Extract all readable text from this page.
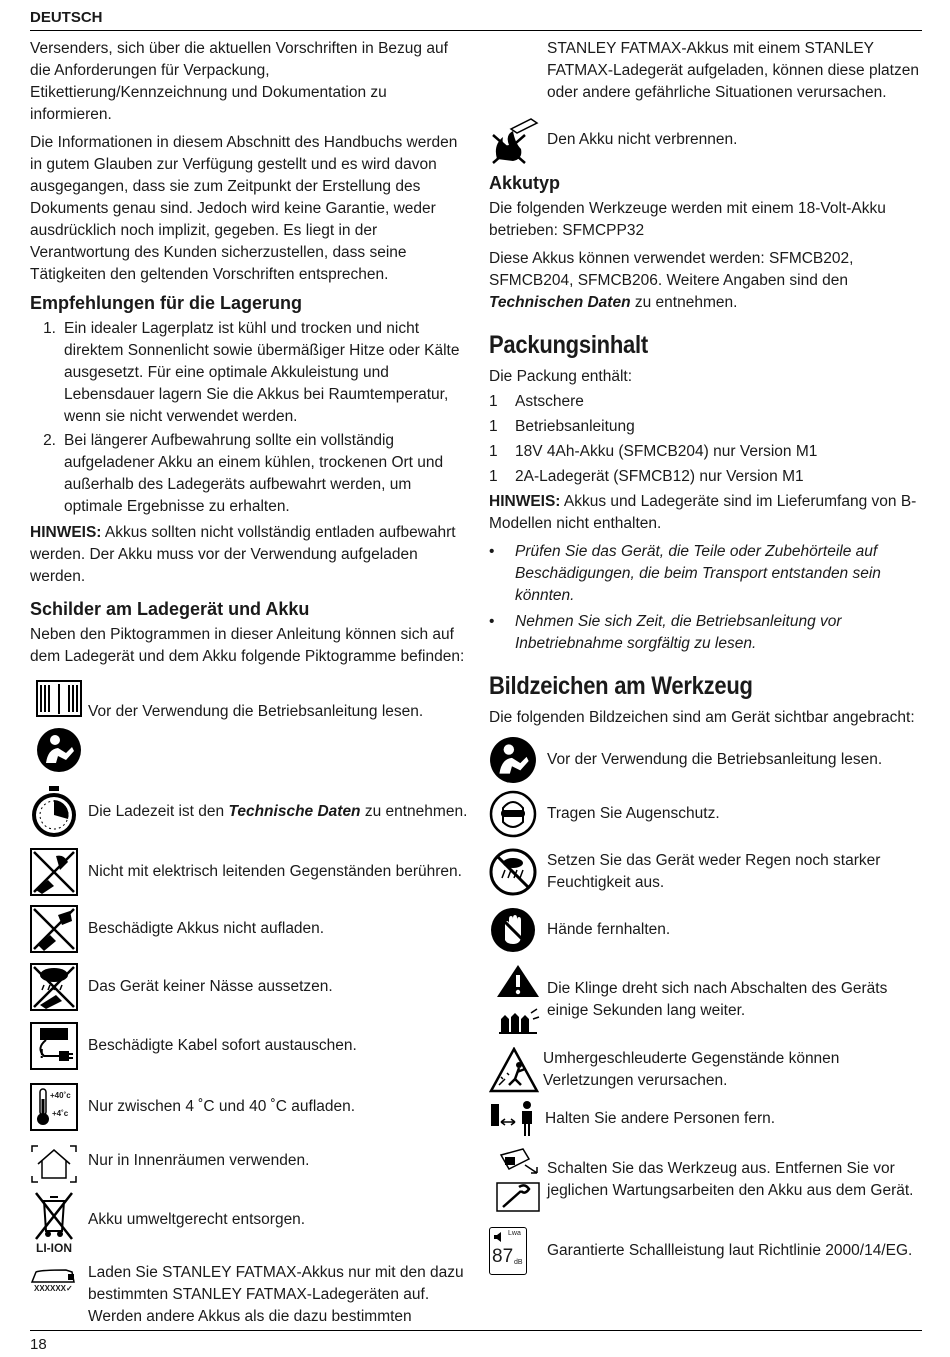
DEUTSCH

Versenders, sich über die aktuellen Vorschriften in Bezug auf die Anforderungen für Verpackung, Etikettierung/Kennzeichnung und Dokumentation zu informieren.

Die Informationen in diesem Abschnitt des Handbuchs werden in gutem Glauben zur Verfügung gestellt und es wird davon ausgegangen, dass sie zum Zeitpunkt der Erstellung des Dokuments genau sind. Jedoch wird keine Garantie, weder ausdrücklich noch implizit, gegeben. Es liegt in der Verantwortung des Kunden sicherzustellen, dass seine Tätigkeiten den geltenden Vorschriften entsprechen.

Empfehlungen für die Lagerung
1. Ein idealer Lagerplatz ist kühl und trocken und nicht direktem Sonnenlicht sowie übermäßiger Hitze oder Kälte ausgesetzt. Für eine optimale Akkuleistung und Lebensdauer lagern Sie die Akkus bei Raumtemperatur, wenn sie nicht verwendet werden.
2. Bei längerer Aufbewahrung sollte ein vollständig aufgeladener Akku an einem kühlen, trockenen Ort und außerhalb des Ladegeräts aufbewahrt werden, um optimale Ergebnisse zu erhalten.

HINWEIS: Akkus sollten nicht vollständig entladen aufbewahrt werden. Der Akku muss vor der Verwendung aufgeladen werden.

Schilder am Ladegerät und Akku

Neben den Piktogrammen in dieser Anleitung können sich auf dem Ladegerät und dem Akku folgende Piktogramme befinden:

Vor der Verwendung die Betriebsanleitung lesen.
Die Ladezeit ist den Technische Daten zu entnehmen.
Nicht mit elektrisch leitenden Gegenständen berühren.
Beschädigte Akkus nicht aufladen.
Das Gerät keiner Nässe aussetzen.
!	Beschädigte Kabel sofort austauschen.
+40˚c
+4˚c Nur zwischen 4 ˚C und 40 ˚C aufladen.
Nur in Innenräumen verwenden.
LI-ION
Akku umweltgerecht entsorgen.
XXXXXX✓
Laden Sie STANLEY FATMAX-Akkus nur mit den dazu bestimmten STANLEY FATMAX-Ladegeräten auf. Werden andere Akkus als die dazu bestimmten

STANLEY FATMAX-Akkus mit einem STANLEY FATMAX-Ladegerät aufgeladen, können diese platzen oder andere gefährliche Situationen verursachen.

Den Akku nicht verbrennen.
Akkutyp

Die folgenden Werkzeuge werden mit einem 18-Volt-Akku betrieben: SFMCPP32

Diese Akkus können verwendet werden: SFMCB202, SFMCB204, SFMCB206. Weitere Angaben sind den Technischen Daten zu entnehmen.

Packungsinhalt

Die Packung enthält:

1	Astschere
1	Betriebsanleitung
1	18V 4Ah-Akku (SFMCB204) nur Version M1
1	2A-Ladegerät (SFMCB12) nur Version M1

HINWEIS: Akkus und Ladegeräte sind im Lieferumfang von B-Modellen nicht enthalten.

•	Prüfen Sie das Gerät, die Teile oder Zubehörteile auf Beschädigungen, die beim Transport entstanden sein könnten.
•	Nehmen Sie sich Zeit, die Betriebsanleitung vor Inbetriebnahme sorgfältig zu lesen.
Bildzeichen am Werkzeug

Die folgenden Bildzeichen sind am Gerät sichtbar angebracht:

Vor der Verwendung die Betriebsanleitung lesen.
Tragen Sie Augenschutz.
Setzen Sie das Gerät weder Regen noch starker Feuchtigkeit aus.
Hände fernhalten.
Die Klinge dreht sich nach Abschalten des Geräts einige Sekunden lang weiter.
Umhergeschleuderte Gegenstände können Verletzungen verursachen.
Halten Sie andere Personen fern.
Schalten Sie das Werkzeug aus. Entfernen Sie vor jeglichen Wartungsarbeiten den Akku aus dem Gerät.
Lwa
87 dB
Garantierte Schallleistung laut Richtlinie 2000/14/EG.
18
